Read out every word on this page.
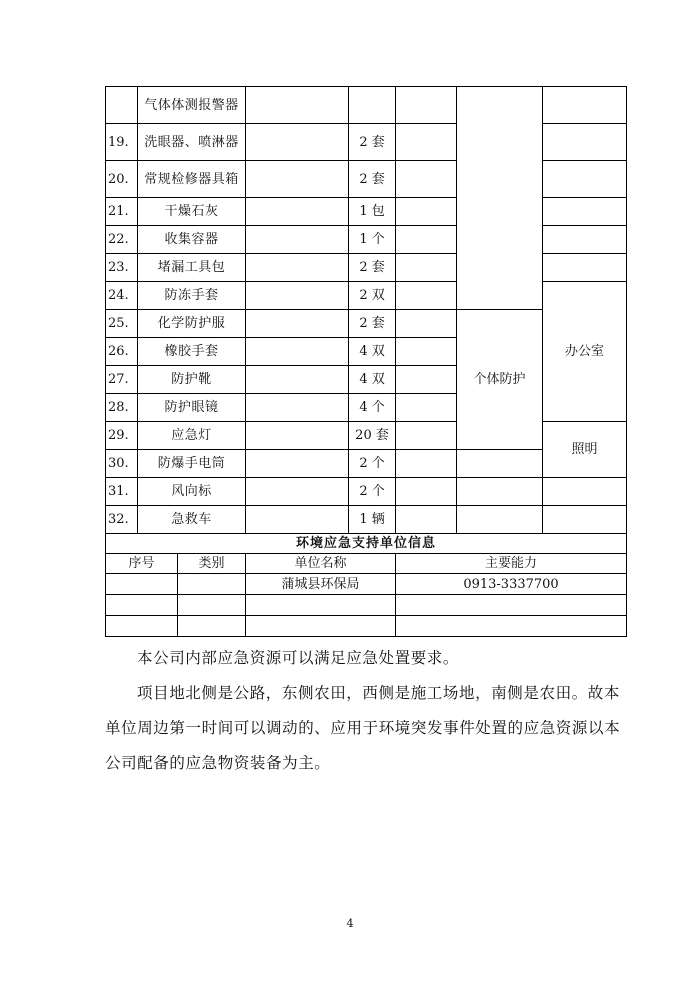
	气体体测报警器							
19.	洗眼器、喷淋器			2 套				
20.	常规检修器具箱			2 套				
21.	干燥石灰			1 包				
22.	收集容器			1 个				
23.	堵漏工具包			2 套				
24.	防冻手套			2 双			办公室	
25.	化学防护服			2 套		个体防护		
26.	橡胶手套			4 双				
27.	防护靴			4 双				
28.	防护眼镜			4 个				
29.	应急灯			20 套			照明	
30.	防爆手电筒			2 个				
31.	风向标			2 个				
32.	急救车			1 辆				
环境应急支持单位信息								
序号		类别	单位名称		主要能力			
			蒲城县环保局		0913-3337700			

本公司内部应急资源可以满足应急处置要求。

项目地北侧是公路，东侧农田，西侧是施工场地，南侧是农田。故本单位周边第一时间可以调动的、应用于环境突发事件处置的应急资源以本公司配备的应急物资装备为主。

4
